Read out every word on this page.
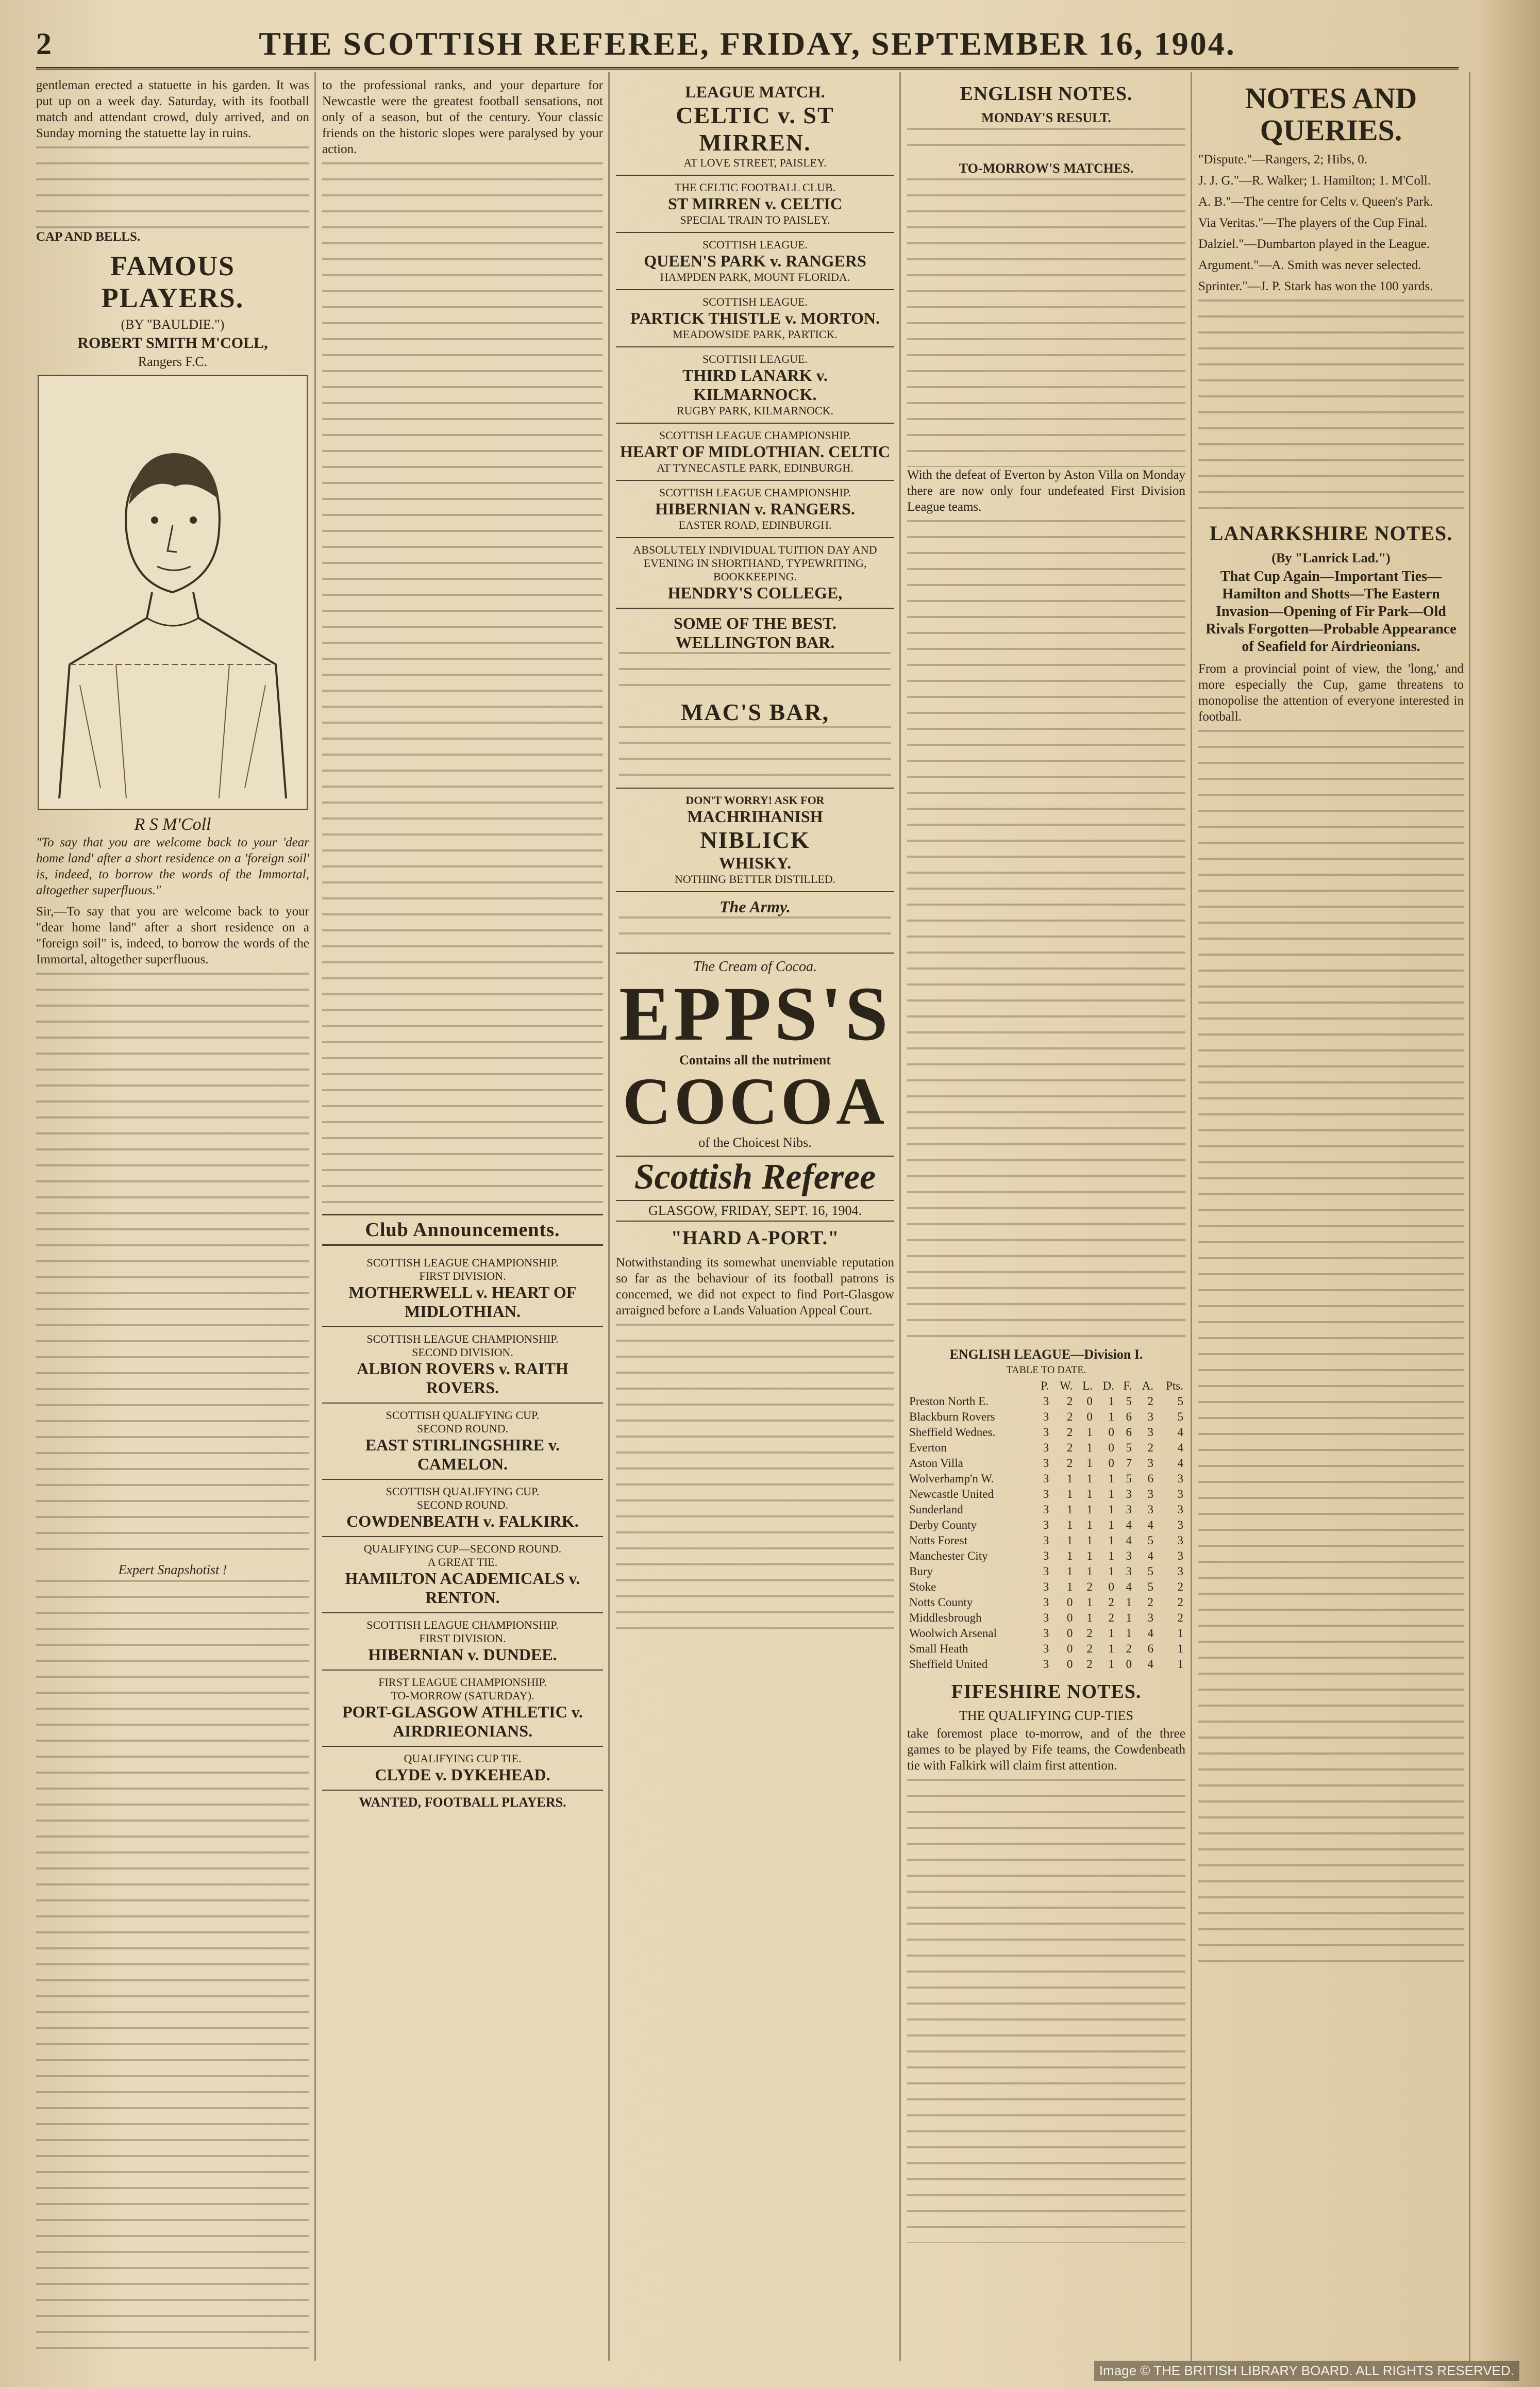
2	THE SCOTTISH REFEREE, FRIDAY, SEPTEMBER 16, 1904.

gentleman erected a statuette in his garden. It was put up on a week day. Saturday, with its football match and attendant crowd, duly arrived, and on Sunday morning the statuette lay in ruins.

CAP AND BELLS.

FAMOUS PLAYERS.
(BY "BAULDIE.")
ROBERT SMITH M'COLL,
Rangers F.C.
R S M'Coll

"To say that you are welcome back to your 'dear home land' after a short residence on a 'foreign soil' is, indeed, to borrow the words of the Immortal, altogether superfluous."

Sir,—To say that you are welcome back to your "dear home land" after a short residence on a "foreign soil" is, indeed, to borrow the words of the Immortal, altogether superfluous.

Expert Snapshotist !

to the professional ranks, and your departure for Newcastle were the greatest football sensations, not only of a season, but of the century. Your classic friends on the historic slopes were paralysed by your action.

Club Announcements.
SCOTTISH LEAGUE CHAMPIONSHIP.
FIRST DIVISION.
MOTHERWELL v. HEART OF MIDLOTHIAN.
SCOTTISH LEAGUE CHAMPIONSHIP.
SECOND DIVISION.
ALBION ROVERS v. RAITH ROVERS.
SCOTTISH QUALIFYING CUP.
SECOND ROUND.
EAST STIRLINGSHIRE v. CAMELON.
SCOTTISH QUALIFYING CUP.
SECOND ROUND.
COWDENBEATH v. FALKIRK.
QUALIFYING CUP—SECOND ROUND.
A GREAT TIE.
HAMILTON ACADEMICALS v. RENTON.
SCOTTISH LEAGUE CHAMPIONSHIP.
FIRST DIVISION.
HIBERNIAN v. DUNDEE.
FIRST LEAGUE CHAMPIONSHIP.
TO-MORROW (SATURDAY).
PORT-GLASGOW ATHLETIC v. AIRDRIEONIANS.
QUALIFYING CUP TIE.
CLYDE v. DYKEHEAD.
WANTED, FOOTBALL PLAYERS.
LEAGUE MATCH.
CELTIC v. ST MIRREN.
AT LOVE STREET, PAISLEY.
THE CELTIC FOOTBALL CLUB.
ST MIRREN v. CELTIC
SPECIAL TRAIN TO PAISLEY.
SCOTTISH LEAGUE.
QUEEN'S PARK v. RANGERS
HAMPDEN PARK, MOUNT FLORIDA.
SCOTTISH LEAGUE.
PARTICK THISTLE v. MORTON.
MEADOWSIDE PARK, PARTICK.
SCOTTISH LEAGUE.
THIRD LANARK v. KILMARNOCK.
RUGBY PARK, KILMARNOCK.
SCOTTISH LEAGUE CHAMPIONSHIP.
HEART OF MIDLOTHIAN. CELTIC
AT TYNECASTLE PARK, EDINBURGH.
SCOTTISH LEAGUE CHAMPIONSHIP.
HIBERNIAN v. RANGERS.
EASTER ROAD, EDINBURGH.
ABSOLUTELY INDIVIDUAL TUITION DAY AND EVENING IN SHORTHAND, TYPEWRITING, BOOKKEEPING.
HENDRY'S COLLEGE,
SOME OF THE BEST.
WELLINGTON BAR.
MAC'S BAR,
DON'T WORRY! ASK FOR
MACHRIHANISH
NIBLICK
WHISKY.
NOTHING BETTER DISTILLED.
The Army.
The Cream of Cocoa.
EPPS'S
Contains all the nutriment
COCOA
of the Choicest Nibs.
Scottish Referee
GLASGOW, FRIDAY, SEPT. 16, 1904.
"HARD A-PORT."

Notwithstanding its somewhat unenviable reputation so far as the behaviour of its football patrons is concerned, we did not expect to find Port-Glasgow arraigned before a Lands Valuation Appeal Court.

ENGLISH NOTES.
MONDAY'S RESULT.
TO-MORROW'S MATCHES.

With the defeat of Everton by Aston Villa on Monday there are now only four undefeated First Division League teams.

ENGLISH LEAGUE—Division I.
TABLE TO DATE.
	P.	W.	L.	D.	F.	A.	Pts.
Preston North E.	3	2	0	1	5	2	5
Blackburn Rovers	3	2	0	1	6	3	5
Sheffield Wednes.	3	2	1	0	6	3	4
Everton	3	2	1	0	5	2	4
Aston Villa	3	2	1	0	7	3	4
Wolverhamp'n W.	3	1	1	1	5	6	3
Newcastle United	3	1	1	1	3	3	3
Sunderland	3	1	1	1	3	3	3
Derby County	3	1	1	1	4	4	3
Notts Forest	3	1	1	1	4	5	3
Manchester City	3	1	1	1	3	4	3
Bury	3	1	1	1	3	5	3
Stoke	3	1	2	0	4	5	2
Notts County	3	0	1	2	1	2	2
Middlesbrough	3	0	1	2	1	3	2
Woolwich Arsenal	3	0	2	1	1	4	1
Small Heath	3	0	2	1	2	6	1
Sheffield United	3	0	2	1	0	4	1
FIFESHIRE NOTES.
THE QUALIFYING CUP-TIES

take foremost place to-morrow, and of the three games to be played by Fife teams, the Cowdenbeath tie with Falkirk will claim first attention.

NOTES AND QUERIES.

"Dispute."—Rangers, 2; Hibs, 0.

J. J. G."—R. Walker; 1. Hamilton; 1. M'Coll.

A. B."—The centre for Celts v. Queen's Park.

Via Veritas."—The players of the Cup Final.

Dalziel."—Dumbarton played in the League.

Argument."—A. Smith was never selected.

Sprinter."—J. P. Stark has won the 100 yards.

LANARKSHIRE NOTES.
(By "Lanrick Lad.")

That Cup Again—Important Ties—Hamilton and Shotts—The Eastern Invasion—Opening of Fir Park—Old Rivals Forgotten—Probable Appearance of Seafield for Airdrieonians.

From a provincial point of view, the 'long,' and more especially the Cup, game threatens to monopolise the attention of everyone interested in football.

Image © THE BRITISH LIBRARY BOARD. ALL RIGHTS RESERVED.
